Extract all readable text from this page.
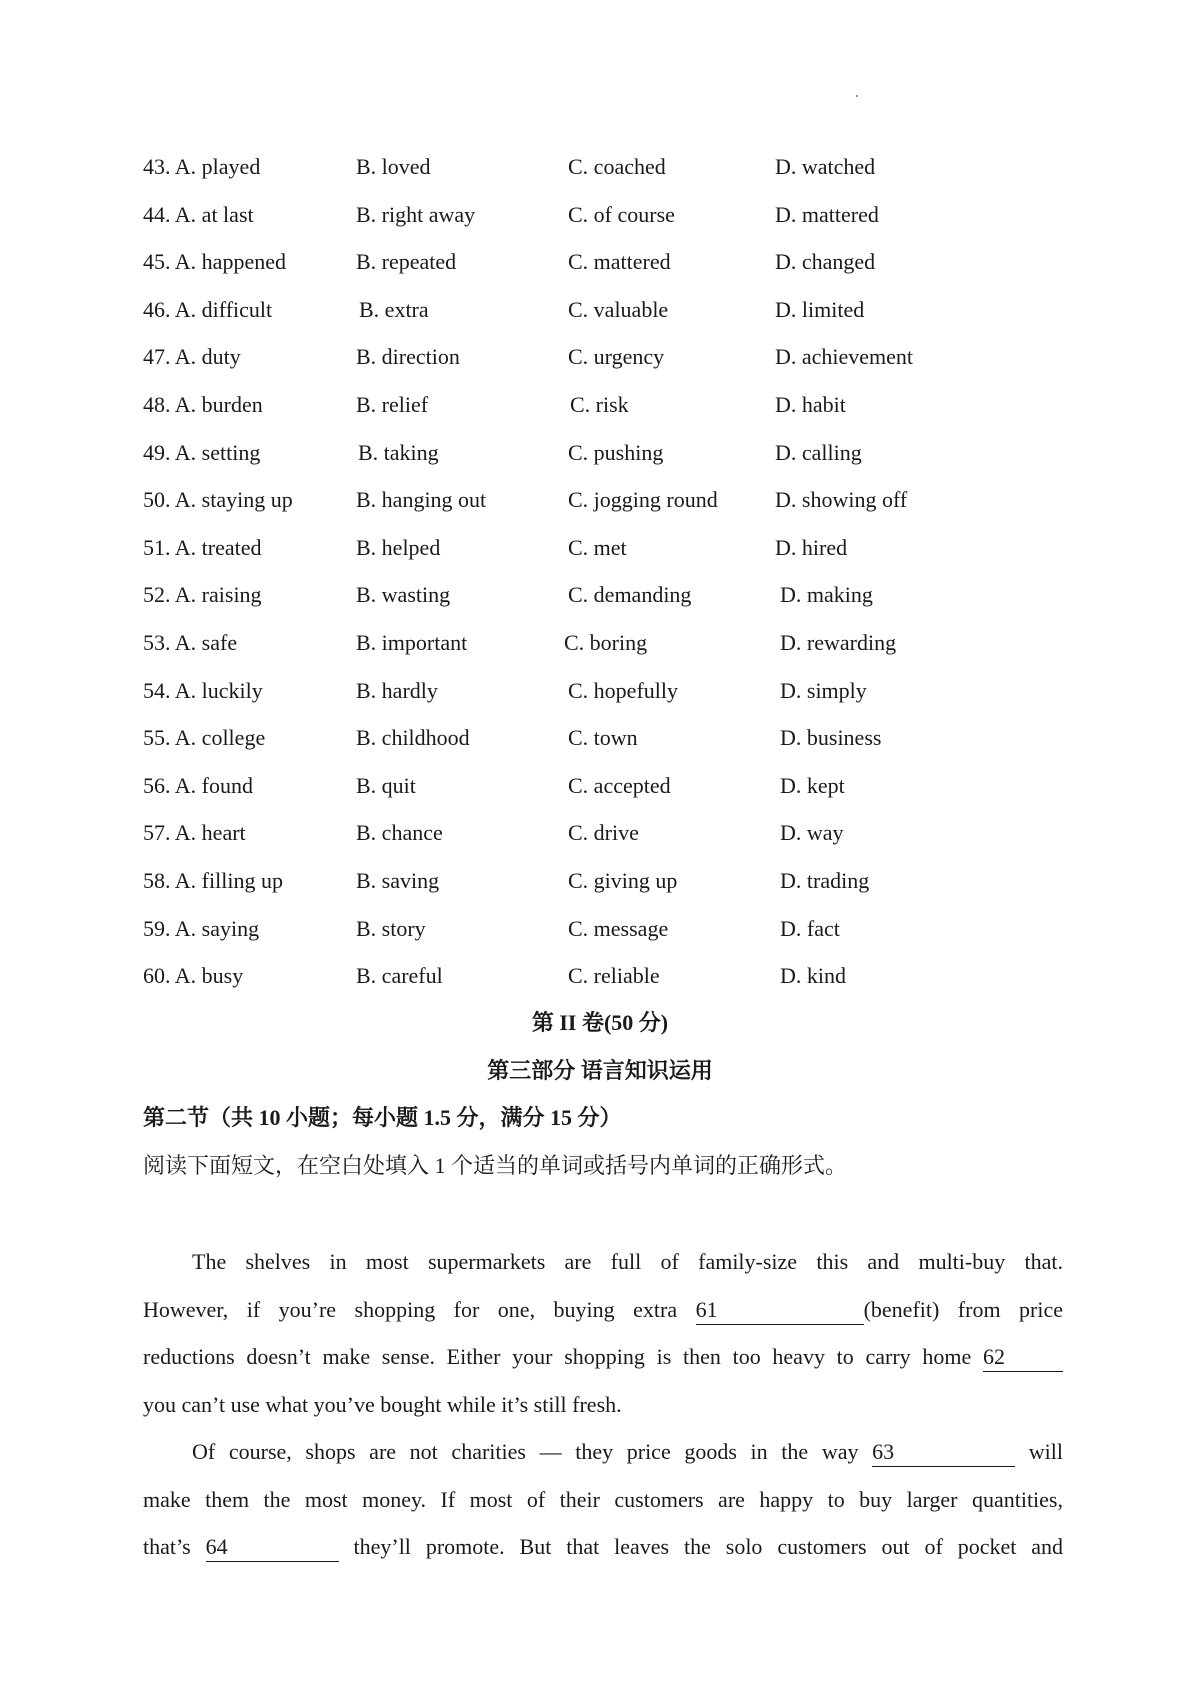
43. A. played	B. loved	C. coached	D. watched
44. A. at last	B. right away	C. of course	D. mattered
45. A. happened	B. repeated	C. mattered	D. changed
46. A. difficult	B. extra	C. valuable	D. limited
47. A. duty	B. direction	C. urgency	D. achievement
48. A. burden	B. relief	C. risk	D. habit
49. A. setting	B. taking	C. pushing	D. calling
50. A. staying up	B. hanging out	C. jogging round	D. showing off
51. A. treated	B. helped	C. met	D. hired
52. A. raising	B. wasting	C. demanding	D. making
53. A. safe	B. important	C. boring	D. rewarding
54. A. luckily	B. hardly	C. hopefully	D. simply
55. A. college	B. childhood	C. town	D. business
56. A. found	B. quit	C. accepted	D. kept
57. A. heart	B. chance	C. drive	D. way
58. A. filling up	B. saving	C. giving up	D. trading
59. A. saying	B. story	C. message	D. fact
60. A. busy	B. careful	C. reliable	D. kind
第 II 卷(50 分)
第三部分 语言知识运用
第二节（共 10 小题；每小题 1.5 分，满分 15 分）
阅读下面短文，在空白处填入 1 个适当的单词或括号内单词的正确形式。
The shelves in most supermarkets are full of family-size this and multi-buy that.
However, if you’re shopping for one, buying extra 61	(benefit) from price
reductions doesn’t make sense. Either your shopping is then too heavy to carry home 62
you can’t use what you’ve bought while it’s still fresh.
Of course, shops are not charities — they price goods in the way 63	will
make them the most money. If most of their customers are happy to buy larger quantities,
that’s 64	they’ll promote. But that leaves the solo customers out of pocket and
